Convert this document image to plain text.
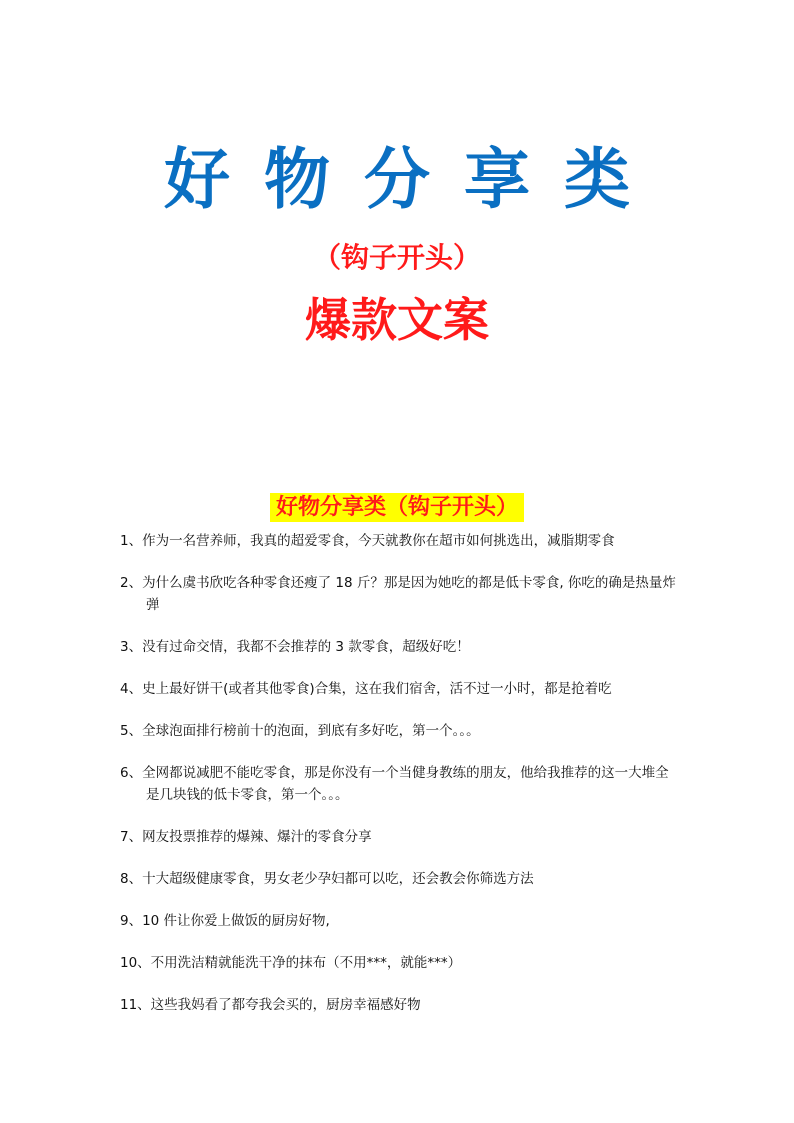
好物分享类
（钩子开头）
爆款文案
好物分享类（钩子开头）
1、作为一名营养师，我真的超爱零食，今天就教你在超市如何挑选出，减脂期零食
2、为什么虞书欣吃各种零食还瘦了 18 斤？那是因为她吃的都是低卡零食, 你吃的确是热量炸弹
3、没有过命交情，我都不会推荐的 3 款零食，超级好吃！
4、史上最好饼干(或者其他零食)合集，这在我们宿舍，活不过一小时，都是抢着吃
5、全球泡面排行榜前十的泡面，到底有多好吃，第一个。。。
6、全网都说减肥不能吃零食，那是你没有一个当健身教练的朋友，他给我推荐的这一大堆全是几块钱的低卡零食，第一个。。。
7、网友投票推荐的爆辣、爆汁的零食分享
8、十大超级健康零食，男女老少孕妇都可以吃，还会教会你筛选方法
9、10 件让你爱上做饭的厨房好物,
10、不用洗洁精就能洗干净的抹布（不用***，就能***）
11、这些我妈看了都夸我会买的，厨房幸福感好物
